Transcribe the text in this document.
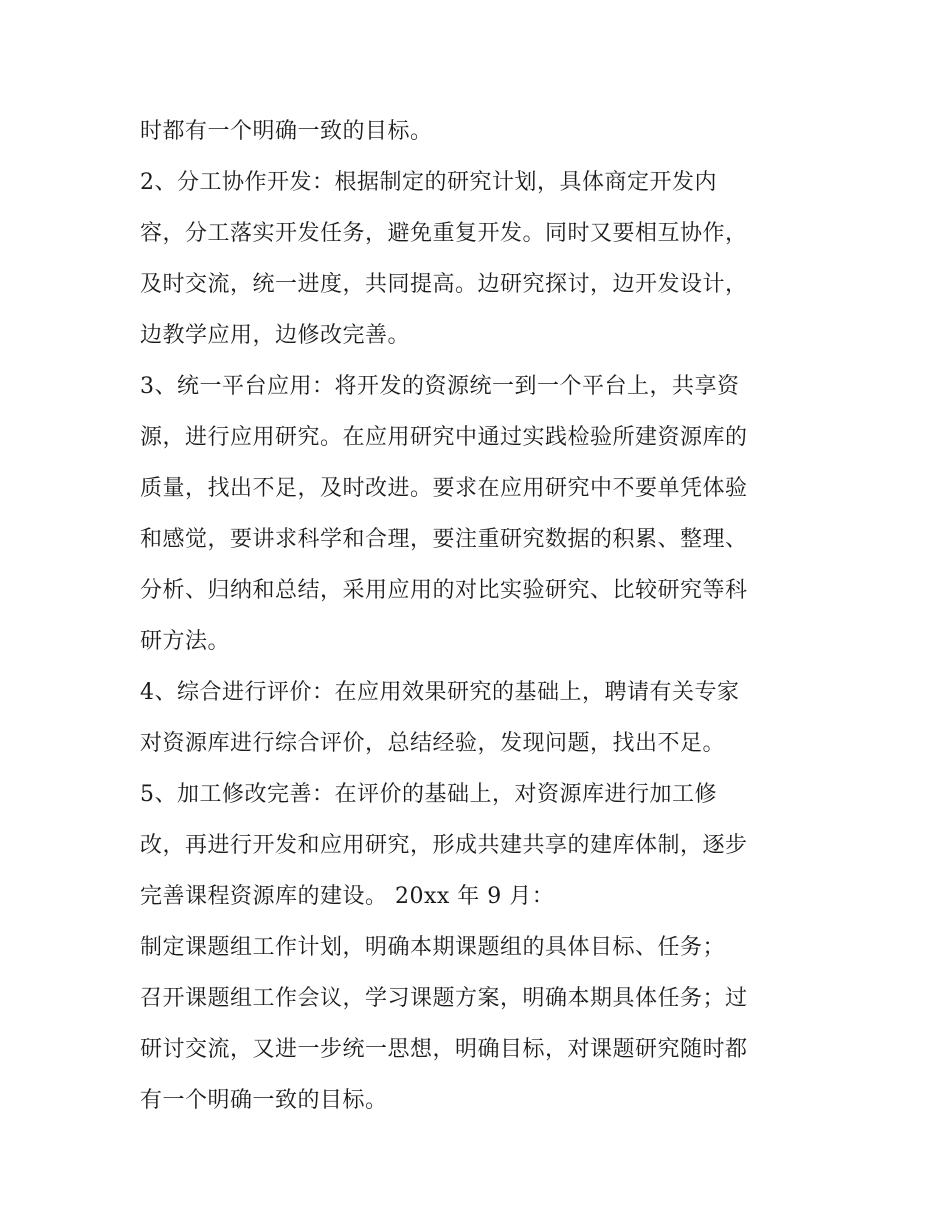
时都有一个明确一致的目标。
2、分工协作开发：根据制定的研究计划，具体商定开发内
容，分工落实开发任务，避免重复开发。同时又要相互协作，
及时交流，统一进度，共同提高。边研究探讨，边开发设计，
边教学应用，边修改完善。
3、统一平台应用：将开发的资源统一到一个平台上，共享资
源，进行应用研究。在应用研究中通过实践检验所建资源库的
质量，找出不足，及时改进。要求在应用研究中不要单凭体验
和感觉，要讲求科学和合理，要注重研究数据的积累、整理、
分析、归纳和总结，采用应用的对比实验研究、比较研究等科
研方法。
4、综合进行评价：在应用效果研究的基础上，聘请有关专家
对资源库进行综合评价，总结经验，发现问题，找出不足。
5、加工修改完善：在评价的基础上，对资源库进行加工修
改，再进行开发和应用研究，形成共建共享的建库体制，逐步
完善课程资源库的建设。 20xx 年 9 月：
制定课题组工作计划，明确本期课题组的具体目标、任务；
召开课题组工作会议，学习课题方案，明确本期具体任务；过
研讨交流，又进一步统一思想，明确目标，对课题研究随时都
有一个明确一致的目标。
